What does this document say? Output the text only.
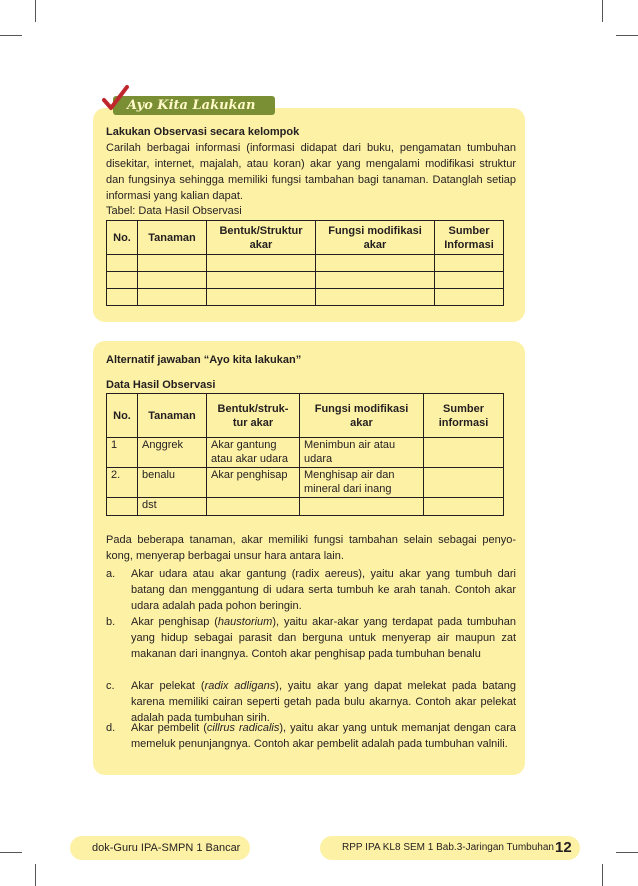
Ayo Kita Lakukan
Lakukan Observasi secara kelompok
Carilah berbagai informasi (informasi didapat dari buku, pengamatan tumbuhan disekitar, internet, majalah, atau koran) akar yang mengalami modifikasi struktur dan fungsinya sehingga memiliki fungsi tambahan bagi tanaman. Datanglah setiap informasi yang kalian dapat.
Tabel: Data Hasil Observasi
No.	Tanaman	Bentuk/Struktur akar	Fungsi modifikasi akar	Sumber Informasi

Alternatif jawaban “Ayo kita lakukan”
Data Hasil Observasi
No.	Tanaman	Bentuk/struk-tur akar	Fungsi modifikasi akar	Sumber informasi
1	Anggrek	Akar gantung atau akar udara	Menimbun air atau udara	
2.	benalu	Akar penghisap	Menghisap air dan mineral dari inang	
	dst			
Pada beberapa tanaman, akar memiliki fungsi tambahan selain sebagai penyo-kong, menyerap berbagai unsur hara antara lain.
a. Akar udara atau akar gantung (radix aereus), yaitu akar yang tumbuh dari batang dan menggantung di udara serta tumbuh ke arah tanah. Contoh akar udara adalah pada pohon beringin.
b. Akar penghisap (haustorium), yaitu akar-akar yang terdapat pada tumbuhan yang hidup sebagai parasit dan berguna untuk menyerap air maupun zat makanan dari inangnya. Contoh akar penghisap pada tumbuhan benalu
c. Akar pelekat (radix adligans), yaitu akar yang dapat melekat pada batang karena memiliki cairan seperti getah pada bulu akarnya. Contoh akar pelekat adalah pada tumbuhan sirih.
d. Akar pembelit (cillrus radicalis), yaitu akar yang untuk memanjat dengan cara memeluk penunjangnya. Contoh akar pembelit adalah pada tumbuhan valnili.
dok-Guru IPA-SMPN 1 Bancar	RPP IPA KL8 SEM 1 Bab.3-Jaringan Tumbuhan 12
